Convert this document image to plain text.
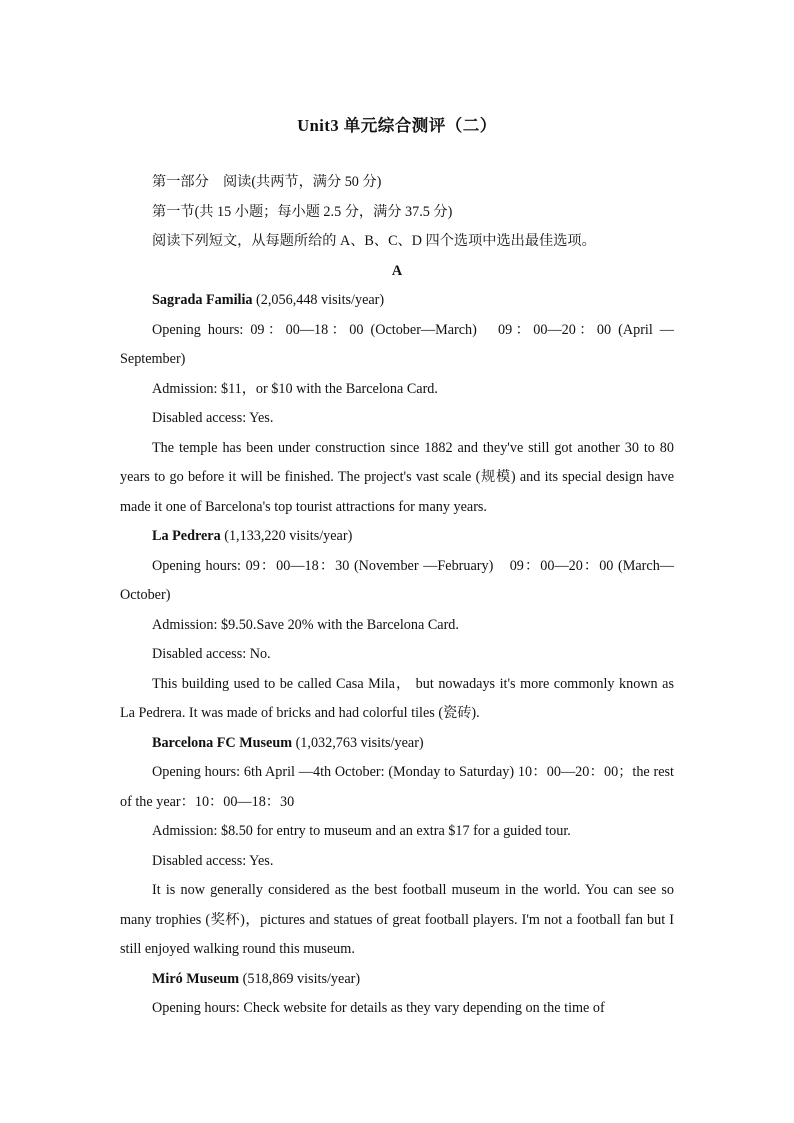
Unit3 单元综合测评（二）

第一部分　阅读(共两节，满分 50 分)

第一节(共 15 小题；每小题 2.5 分，满分 37.5 分)

阅读下列短文，从每题所给的 A、B、C、D 四个选项中选出最佳选项。

A

Sagrada Familia (2,056,448 visits/year)

Opening hours: 09：00—18：00 (October—March)　09：00—20：00 (April — September)

Admission: $11，or $10 with the Barcelona Card.

Disabled access: Yes.

The temple has been under construction since 1882 and they've still got another 30 to 80 years to go before it will be finished. The project's vast scale (规模) and its special design have made it one of Barcelona's top tourist attractions for many years.

La Pedrera (1,133,220 visits/year)

Opening hours: 09：00—18：30 (November —February)　09：00—20：00 (March—October)

Admission: $9.50.Save 20% with the Barcelona Card.

Disabled access: No.

This building used to be called Casa Mila， but nowadays it's more commonly known as La Pedrera. It was made of bricks and had colorful tiles (瓷砖).

Barcelona FC Museum (1,032,763 visits/year)

Opening hours: 6th April —4th October: (Monday to Saturday) 10：00—20：00；the rest of the year：10：00—18：30

Admission: $8.50 for entry to museum and an extra $17 for a guided tour.

Disabled access: Yes.

It is now generally considered as the best football museum in the world. You can see so many trophies (奖杯)，pictures and statues of great football players. I'm not a football fan but I still enjoyed walking round this museum.

Miró Museum (518,869 visits/year)

Opening hours: Check website for details as they vary depending on the time of
